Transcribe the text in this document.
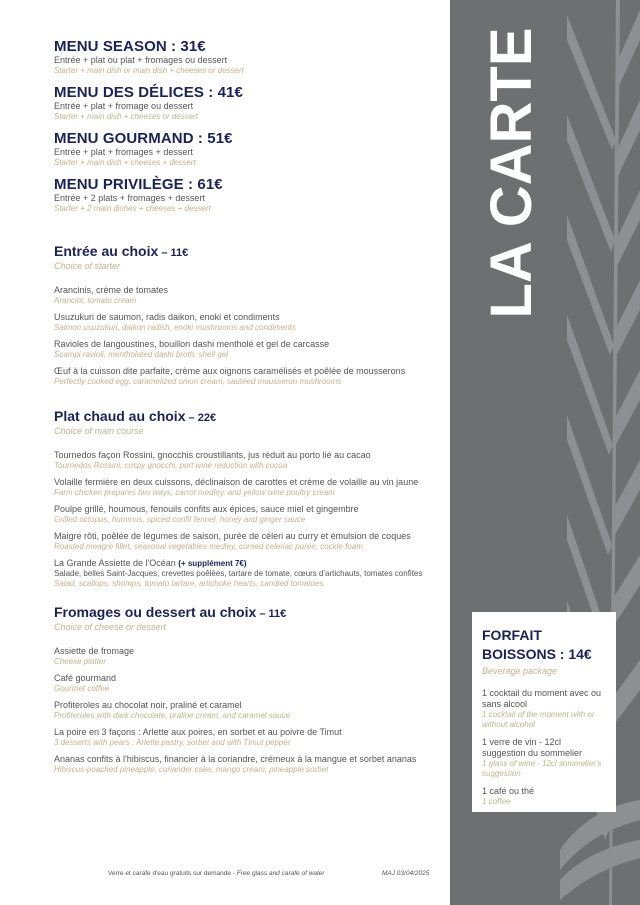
MENU SEASON : 31€
Entrée + plat ou plat + fromages ou dessert
Starter + main dish or main dish + cheeses or dessert
MENU DES DÉLICES : 41€
Entrée + plat + fromage ou dessert
Starter + main dish + cheeses or dessert
MENU GOURMAND : 51€
Entrée + plat + fromages + dessert
Starter + main dish + cheeses + dessert
MENU PRIVILÈGE : 61€
Entrée + 2 plats + fromages + dessert
Starter + 2 main dishes + cheeses + dessert
Entrée au choix – 11€
Choice of starter
Arancinis, crème de tomates
Arancini, tomato cream
Usuzukuri de saumon, radis daikon, enoki et condiments
Salmon usuzukuri, daikon radish, enoki mushrooms and condiments
Ravioles de langoustines, bouillon dashi mentholé et gel de carcasse
Scampi ravioli, mentholated dashi broth, shell gel
Œuf à la cuisson dite parfaite, crème aux oignons caramélisés et poêlée de mousserons
Perfectly cooked egg, caramelized onion cream, sautéed mousseron mushrooms
Plat chaud au choix – 22€
Choice of main course
Tournedos façon Rossini, gnocchis croustillants, jus réduit au porto lié au cacao
Tournedos Rossini, crispy gnocchi, port wine reduction with cocoa
Volaille fermière en deux cuissons, déclinaison de carottes et crème de volaille au vin jaune
Farm chicken prepares two ways, carrot medley, and yellow wine poultry cream
Poulpe grillé, houmous, fenouils confits aux épices, sauce miel et gingembre
Grilled octopus, hummus, spiced confit fennel, honey and ginger sauce
Maigre rôti, poêlée de légumes de saison, purée de céleri au curry et émulsion de coques
Roasted meagre fillet, seasonal vegetables medley, curried celeriac purée, cockle foam
La Grande Assiette de l'Océan (+ supplément 7€)
Salade, belles Saint-Jacques, crevettes poêlées, tartare de tomate, cœurs d'artichauts, tomates confites
Salad, scallops, shrimps, tomato tartare, artichoke hearts, candied tomatoes
Fromages ou dessert au choix – 11€
Choice of cheese or dessert
Assiette de fromage
Cheese platter
Café gourmand
Gourmet coffee
Profiteroles au chocolat noir, praliné et caramel
Profiteroles with dark chocolate, praline cream, and caramel sauce
La poire en 3 façons : Arlette aux poires, en sorbet et au poivre de Timut
3 desserts with pears : Arlette pastry, sorbet and with Timut pepper
Ananas confits à l'hibiscus, financier à la coriandre, crémeux à la mangue et sorbet ananas
Hibiscus-poached pineapple, coriander cake, mango cream, pineapple sorbet
Verre et carafe d'eau gratuits sur demande - Free glass and carafe of water	MAJ 03/04/2025
LA CARTE
FORFAIT
BOISSONS : 14€
Beverage package
1 cocktail du moment avec ou sans alcool
1 cocktail of the moment with or without alcohol
1 verre de vin - 12cl suggestion du sommelier
1 glass of wine - 12cl sommelier's suggestion
1 café ou thé
1 coffee
